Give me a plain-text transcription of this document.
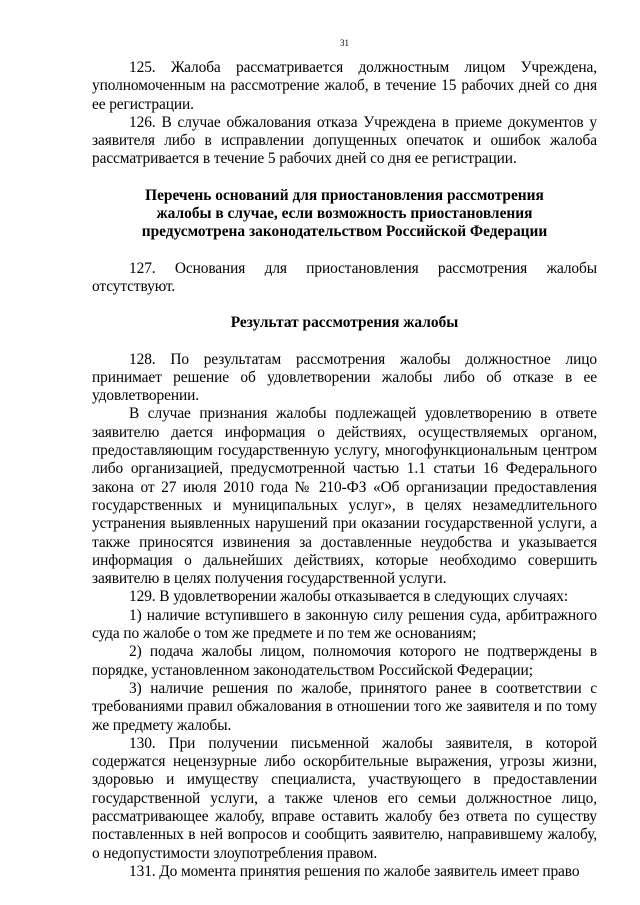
31

125. Жалоба рассматривается должностным лицом Учреждена, уполномоченным на рассмотрение жалоб, в течение 15 рабочих дней со дня ее регистрации.

126. В случае обжалования отказа Учреждена в приеме документов у заявителя либо в исправлении допущенных опечаток и ошибок жалоба рассматривается в течение 5 рабочих дней со дня ее регистрации.

Перечень оснований для приостановления рассмотрения жалобы в случае, если возможность приостановления предусмотрена законодательством Российской Федерации

127. Основания для приостановления рассмотрения жалобы отсутствуют.

Результат рассмотрения жалобы

128. По результатам рассмотрения жалобы должностное лицо принимает решение об удовлетворении жалобы либо об отказе в ее удовлетворении.

В случае признания жалобы подлежащей удовлетворению в ответе заявителю дается информация о действиях, осуществляемых органом, предоставляющим государственную услугу, многофункциональным центром либо организацией, предусмотренной частью 1.1 статьи 16 Федерального закона от 27 июля 2010 года № 210-ФЗ «Об организации предоставления государственных и муниципальных услуг», в целях незамедлительного устранения выявленных нарушений при оказании государственной услуги, а также приносятся извинения за доставленные неудобства и указывается информация о дальнейших действиях, которые необходимо совершить заявителю в целях получения государственной услуги.

129. В удовлетворении жалобы отказывается в следующих случаях:

1) наличие вступившего в законную силу решения суда, арбитражного суда по жалобе о том же предмете и по тем же основаниям;

2) подача жалобы лицом, полномочия которого не подтверждены в порядке, установленном законодательством Российской Федерации;

3) наличие решения по жалобе, принятого ранее в соответствии с требованиями правил обжалования в отношении того же заявителя и по тому же предмету жалобы.

130. При получении письменной жалобы заявителя, в которой содержатся нецензурные либо оскорбительные выражения, угрозы жизни, здоровью и имуществу специалиста, участвующего в предоставлении государственной услуги, а также членов его семьи должностное лицо, рассматривающее жалобу, вправе оставить жалобу без ответа по существу поставленных в ней вопросов и сообщить заявителю, направившему жалобу, о недопустимости злоупотребления правом.

131. До момента принятия решения по жалобе заявитель имеет право
